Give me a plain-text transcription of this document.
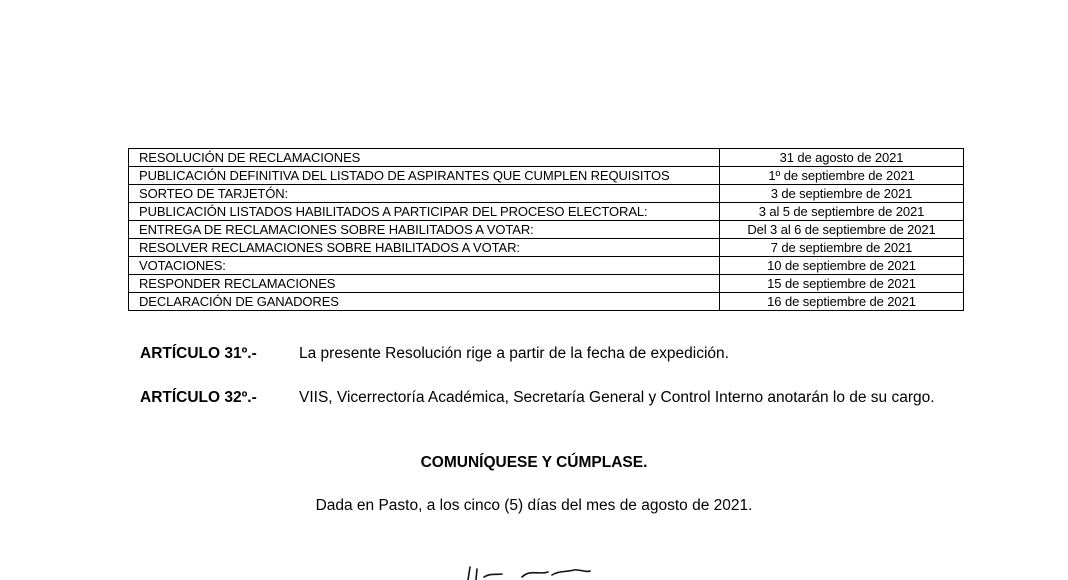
RESOLUCIÓN DE RECLAMACIONES	31 de agosto de 2021
PUBLICACIÓN DEFINITIVA DEL LISTADO DE ASPIRANTES QUE CUMPLEN REQUISITOS	1º de septiembre de 2021
SORTEO DE TARJETÓN:	3 de septiembre de 2021
PUBLICACIÓN LISTADOS HABILITADOS A PARTICIPAR DEL PROCESO ELECTORAL:	3 al 5 de septiembre de 2021
ENTREGA DE RECLAMACIONES SOBRE HABILITADOS A VOTAR:	Del 3 al 6 de septiembre de 2021
RESOLVER RECLAMACIONES SOBRE HABILITADOS A VOTAR:	7 de septiembre de 2021
VOTACIONES:	10 de septiembre de 2021
RESPONDER RECLAMACIONES	15 de septiembre de 2021
DECLARACIÓN DE GANADORES	16 de septiembre de 2021
ARTÍCULO 31º.-	La presente Resolución rige a partir de la fecha de expedición.
ARTÍCULO 32º.-	VIIS, Vicerrectoría Académica, Secretaría General y Control Interno anotarán lo de su cargo.
COMUNÍQUESE Y CÚMPLASE.
Dada en Pasto, a los cinco (5) días del mes de agosto de 2021.
